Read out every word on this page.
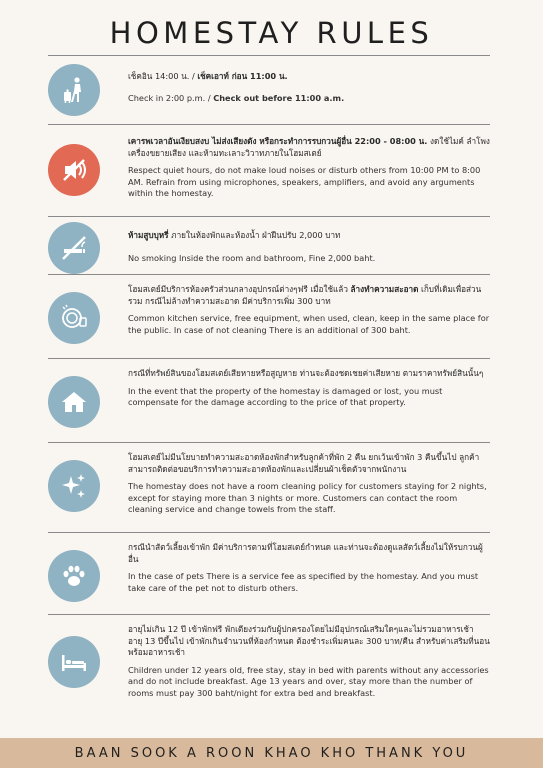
HOMESTAY RULES

เช็คอิน 14:00 น. / เช็คเอาท์ ก่อน 11:00 น.

Check in 2:00 p.m. / Check out before 11:00 a.m.

เคารพเวลาอันเงียบสงบ ไม่ส่งเสียงดัง หรือกระทำการรบกวนผู้อื่น 22:00 - 08:00 น. งดใช้ไมค์ ลำโพง เครื่องขยายเสียง และห้ามทะเลาะวิวาทภายในโฮมสเตย์

Respect quiet hours, do not make loud noises or disturb others from 10:00 PM to 8:00 AM. Refrain from using microphones, speakers, amplifiers, and avoid any arguments within the homestay.

ห้ามสูบบุหรี่ ภายในห้องพักและห้องน้ำ ฝ่าฝืนปรับ 2,000 บาท

No smoking Inside the room and bathroom, Fine 2,000 baht.

โฮมสเตย์มีบริการห้องครัวส่วนกลางอุปกรณ์ต่างๆฟรี เมื่อใช้แล้ว ล้างทำความสะอาด เก็บที่เดิมเพื่อส่วนรวม กรณีไม่ล้างทำความสะอาด มีค่าบริการเพิ่ม 300 บาท

Common kitchen service, free equipment, when used, clean, keep in the same place for the public. In case of not cleaning There is an additional of 300 baht.

กรณีที่ทรัพย์สินของโฮมสเตย์เสียหายหรือสูญหาย ท่านจะต้องชดเชยค่าเสียหาย ตามราคาทรัพย์สินนั้นๆ

In the event that the property of the homestay is damaged or lost, you must compensate for the damage according to the price of that property.

โฮมสเตย์ไม่มีนโยบายทำความสะอาดห้องพักสำหรับลูกค้าที่พัก 2 คืน ยกเว้นเข้าพัก 3 คืนขึ้นไป ลูกค้าสามารถติดต่อขอบริการทำความสะอาดห้องพักและเปลี่ยนผ้าเช็ดตัวจากพนักงาน

The homestay does not have a room cleaning policy for customers staying for 2 nights, except for staying more than 3 nights or more. Customers can contact the room cleaning service and change towels from the staff.

กรณีนำสัตว์เลี้ยงเข้าพัก มีค่าบริการตามที่โฮมสเตย์กำหนด และท่านจะต้องดูแลสัตว์เลี้ยงไม่ให้รบกวนผู้อื่น

In the case of pets There is a service fee as specified by the homestay. And you must take care of the pet not to disturb others.

อายุไม่เกิน 12 ปี เข้าพักฟรี พักเตียงร่วมกับผู้ปกครองโดยไม่มีอุปกรณ์เสริมใดๆและไม่รวมอาหารเช้า อายุ 13 ปีขึ้นไป เข้าพักเกินจำนวนที่ห้องกำหนด ต้องชำระเพิ่มคนละ 300 บาท/คืน สำหรับค่าเสริมที่นอนพร้อมอาหารเช้า

Children under 12 years old, free stay, stay in bed with parents without any accessories and do not include breakfast. Age 13 years and over, stay more than the number of rooms must pay 300 baht/night for extra bed and breakfast.

BAAN SOOK A ROON KHAO KHO THANK YOU
